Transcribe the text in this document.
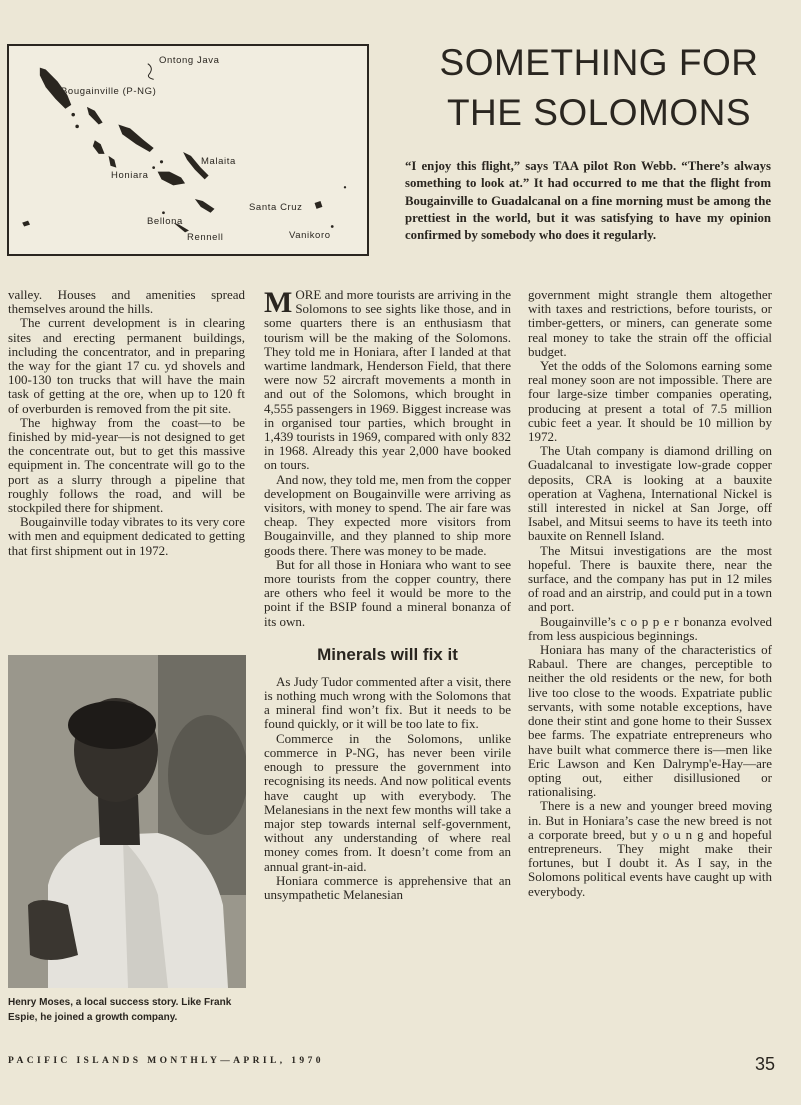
Ontong Java
Bougainville (P-NG)
Malaita
Honiara
Santa Cruz
Bellona
Rennell	Vanikoro
SOMETHING FOR
THE SOLOMONS
“I enjoy this flight,” says TAA pilot Ron Webb. “There’s always something to look at.” It had occurred to me that the flight from Bougainville to Guadalcanal on a fine morning must be among the prettiest in the world, but it was satisfying to have my opinion confirmed by somebody who does it regularly.

valley. Houses and amenities spread themselves around the hills.

The current development is in clearing sites and erecting permanent buildings, including the concentrator, and in preparing the way for the giant 17 cu. yd shovels and 100-130 ton trucks that will have the main task of getting at the ore, when up to 120 ft of overburden is removed from the pit site.

The highway from the coast—to be finished by mid-year—is not designed to get the concentrate out, but to get this massive equipment in. The concentrate will go to the port as a slurry through a pipeline that roughly follows the road, and will be stockpiled there for shipment.

Bougainville today vibrates to its very core with men and equipment dedicated to getting that first shipment out in 1972.

Henry Moses, a local success story. Like Frank Espie, he joined a growth company.

MORE and more tourists are arriving in the Solomons to see sights like those, and in some quarters there is an enthusiasm that tourism will be the making of the Solomons. They told me in Honiara, after I landed at that wartime landmark, Henderson Field, that there were now 52 aircraft movements a month in and out of the Solomons, which brought in 4,555 passengers in 1969. Biggest increase was in organised tour parties, which brought in 1,439 tourists in 1969, compared with only 832 in 1968. Already this year 2,000 have booked on tours.

And now, they told me, men from the copper development on Bougainville were arriving as visitors, with money to spend. The air fare was cheap. They expected more visitors from Bougainville, and they planned to ship more goods there. There was money to be made.

But for all those in Honiara who want to see more tourists from the copper country, there are others who feel it would be more to the point if the BSIP found a mineral bonanza of its own.

Minerals will fix it

As Judy Tudor commented after a visit, there is nothing much wrong with the Solomons that a mineral find won’t fix. But it needs to be found quickly, or it will be too late to fix.

Commerce in the Solomons, unlike commerce in P-NG, has never been virile enough to pressure the government into recognising its needs. And now political events have caught up with everybody. The Melanesians in the next few months will take a major step towards internal self-government, without any understanding of where real money comes from. It doesn’t come from an annual grant-in-aid.

Honiara commerce is apprehensive that an unsympathetic Melanesian

government might strangle them altogether with taxes and restrictions, before tourists, or timber-getters, or miners, can generate some real money to take the strain off the official budget.

Yet the odds of the Solomons earning some real money soon are not impossible. There are four large-size timber companies operating, producing at present a total of 7.5 million cubic feet a year. It should be 10 million by 1972.

The Utah company is diamond drilling on Guadalcanal to investigate low-grade copper deposits, CRA is looking at a bauxite operation at Vaghena, International Nickel is still interested in nickel at San Jorge, off Isabel, and Mitsui seems to have its teeth into bauxite on Rennell Island.

The Mitsui investigations are the most hopeful. There is bauxite there, near the surface, and the company has put in 12 miles of road and an airstrip, and could put in a town and port.

Bougainville’s c o p p e r bonanza evolved from less auspicious beginnings.

Honiara has many of the characteristics of Rabaul. There are changes, perceptible to neither the old residents or the new, for both live too close to the woods. Expatriate public servants, with some notable exceptions, have done their stint and gone home to their Sussex bee farms. The expatriate entrepreneurs who have built what commerce there is—men like Eric Lawson and Ken Dalrymp'e-Hay—are opting out, either disillusioned or rationalising.

There is a new and younger breed moving in. But in Honiara’s case the new breed is not a corporate breed, but y o u n g and hopeful entrepreneurs. They might make their fortunes, but I doubt it. As I say, in the Solomons political events have caught up with everybody.

PACIFIC ISLANDS MONTHLY—APRIL, 1970	35
